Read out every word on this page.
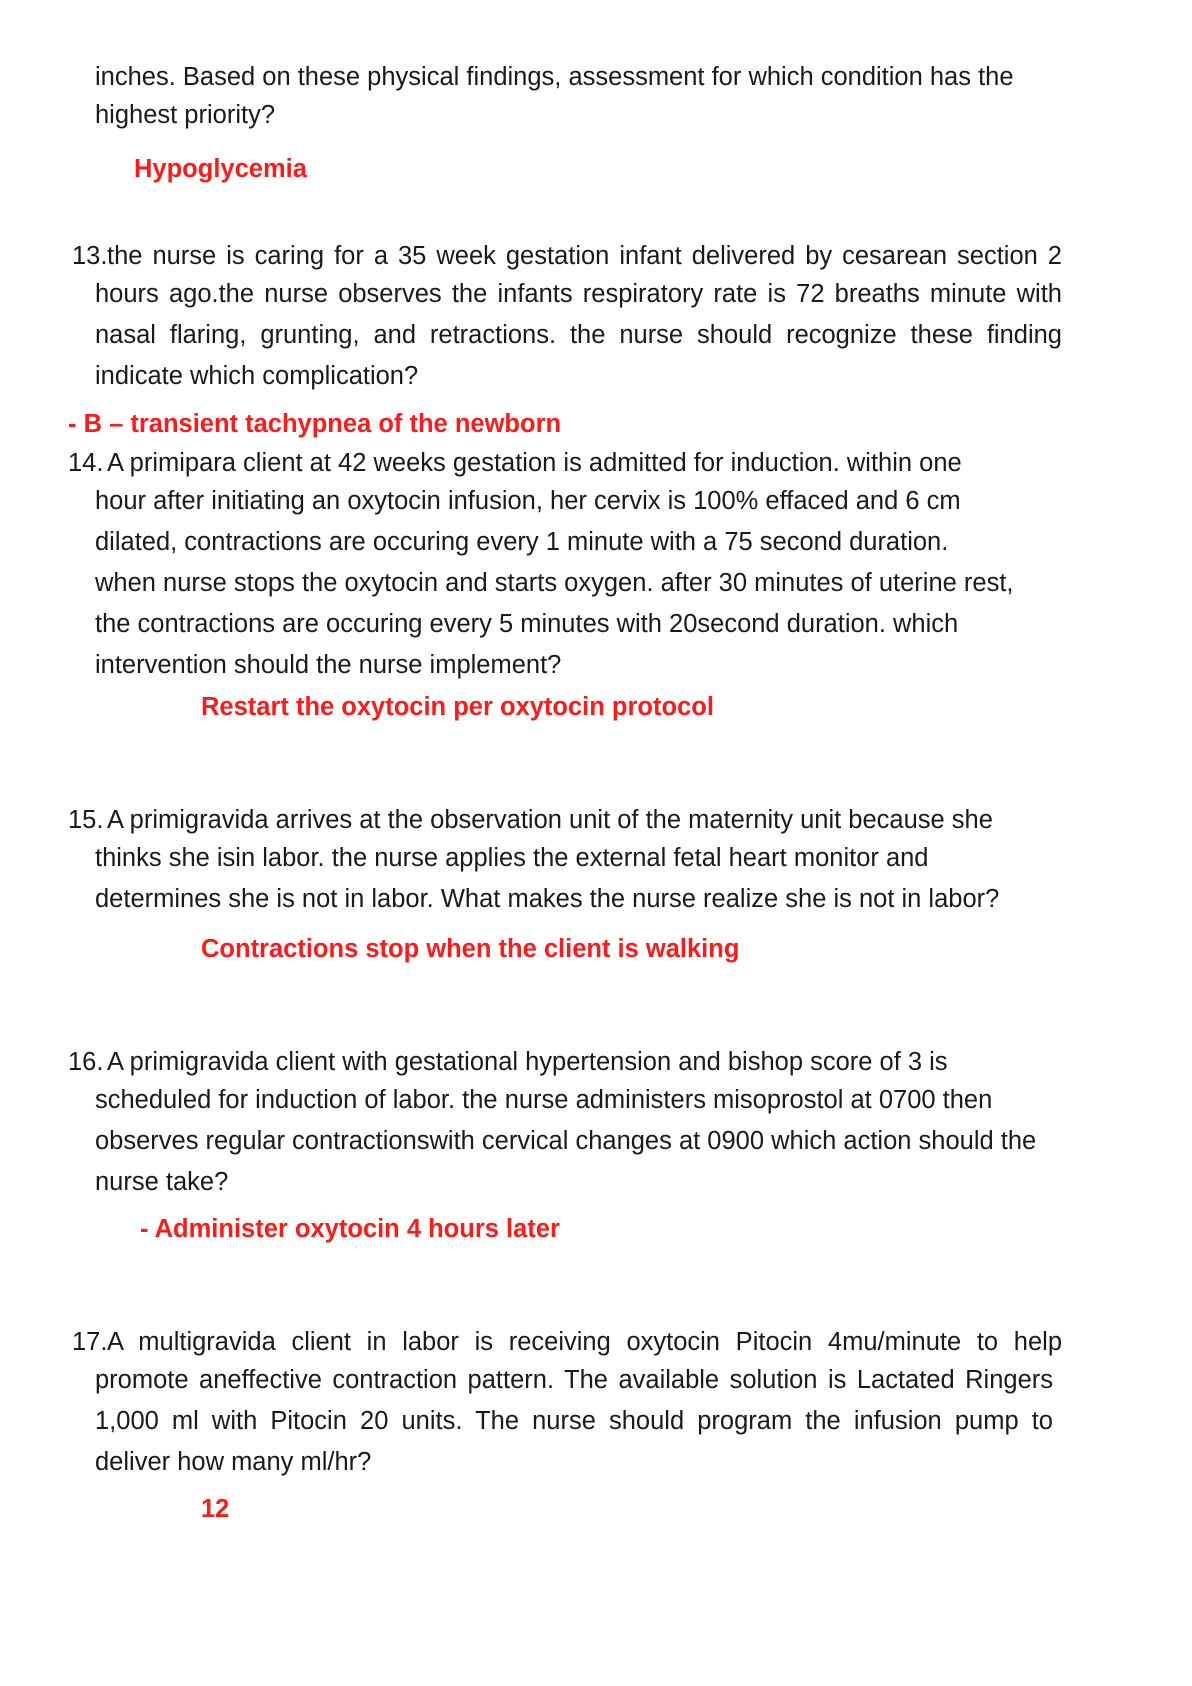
inches. Based on these physical findings, assessment for which condition has the
highest priority?
Hypoglycemia
13. the nurse is caring for a 35 week gestation infant delivered by cesarean section 2
hours ago.the nurse observes the infants respiratory rate is 72 breaths minute with
nasal flaring, grunting, and retractions. the nurse should recognize these finding
indicate which complication?
- B – transient tachypnea of the newborn
14. A primipara client at 42 weeks gestation is admitted for induction. within one
hour after initiating an oxytocin infusion, her cervix is 100% effaced and 6 cm
dilated, contractions are occuring every 1 minute with a 75 second duration.
when nurse stops the oxytocin and starts oxygen. after 30 minutes of uterine rest,
the contractions are occuring every 5 minutes with 20second duration. which
intervention should the nurse implement?
Restart the oxytocin per oxytocin protocol
15. A primigravida arrives at the observation unit of the maternity unit because she
thinks she isin labor. the nurse applies the external fetal heart monitor and
determines she is not in labor. What makes the nurse realize she is not in labor?
Contractions stop when the client is walking
16. A primigravida client with gestational hypertension and bishop score of 3 is
scheduled for induction of labor. the nurse administers misoprostol at 0700 then
observes regular contractionswith cervical changes at 0900 which action should the
nurse take?
- Administer oxytocin 4 hours later
17. A multigravida client in labor is receiving oxytocin Pitocin 4mu/minute to help
promote aneffective contraction pattern. The available solution is Lactated Ringers
1,000 ml with Pitocin 20 units. The nurse should program the infusion pump to
deliver how many ml/hr?
12
